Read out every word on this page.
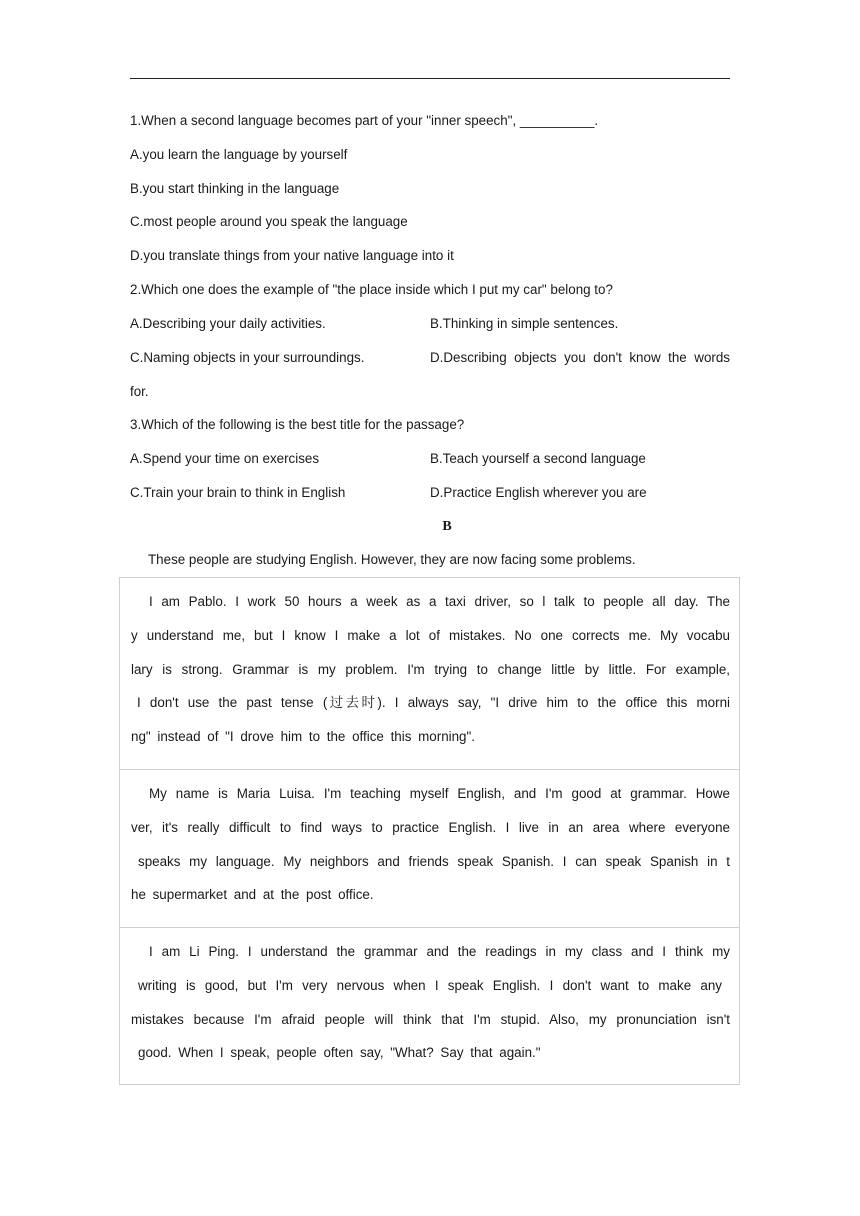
1.When a second language becomes part of your "inner speech", __________.
A.you learn the language by yourself
B.you start thinking in the language
C.most people around you speak the language
D.you translate things from your native language into it
2.Which one does the example of "the place inside which I put my car" belong to?
A.Describing your daily activities.	B.Thinking in simple sentences.
C.Naming objects in your surroundings.	D.Describing objects you don't know the words
for.
3.Which of the following is the best title for the passage?
A.Spend your time on exercises	B.Teach yourself a second language
C.Train your brain to think in English	D.Practice English wherever you are
B
These people are studying English. However, they are now facing some problems.
I am Pablo. I work 50 hours a week as a taxi driver, so l talk to people all day. The
y understand me, but I know I make a lot of mistakes. No one corrects me. My vocabu
lary is strong. Grammar is my problem. I'm trying to change little by little. For example,
I don't use the past tense (过去时). I always say, "I drive him to the office this morni
ng" instead of "I drove him to the office this morning".
My name is Maria Luisa. I'm teaching myself English, and I'm good at grammar. Howe
ver, it's really difficult to find ways to practice English. I live in an area where everyone
speaks my language. My neighbors and friends speak Spanish. I can speak Spanish in t
he supermarket and at the post office.
I am Li Ping. I understand the grammar and the readings in my class and I think my
writing is good, but I'm very nervous when I speak English. I don't want to make any
mistakes because I'm afraid people will think that I'm stupid. Also, my pronunciation isn't
good. When I speak, people often say, "What? Say that again."
